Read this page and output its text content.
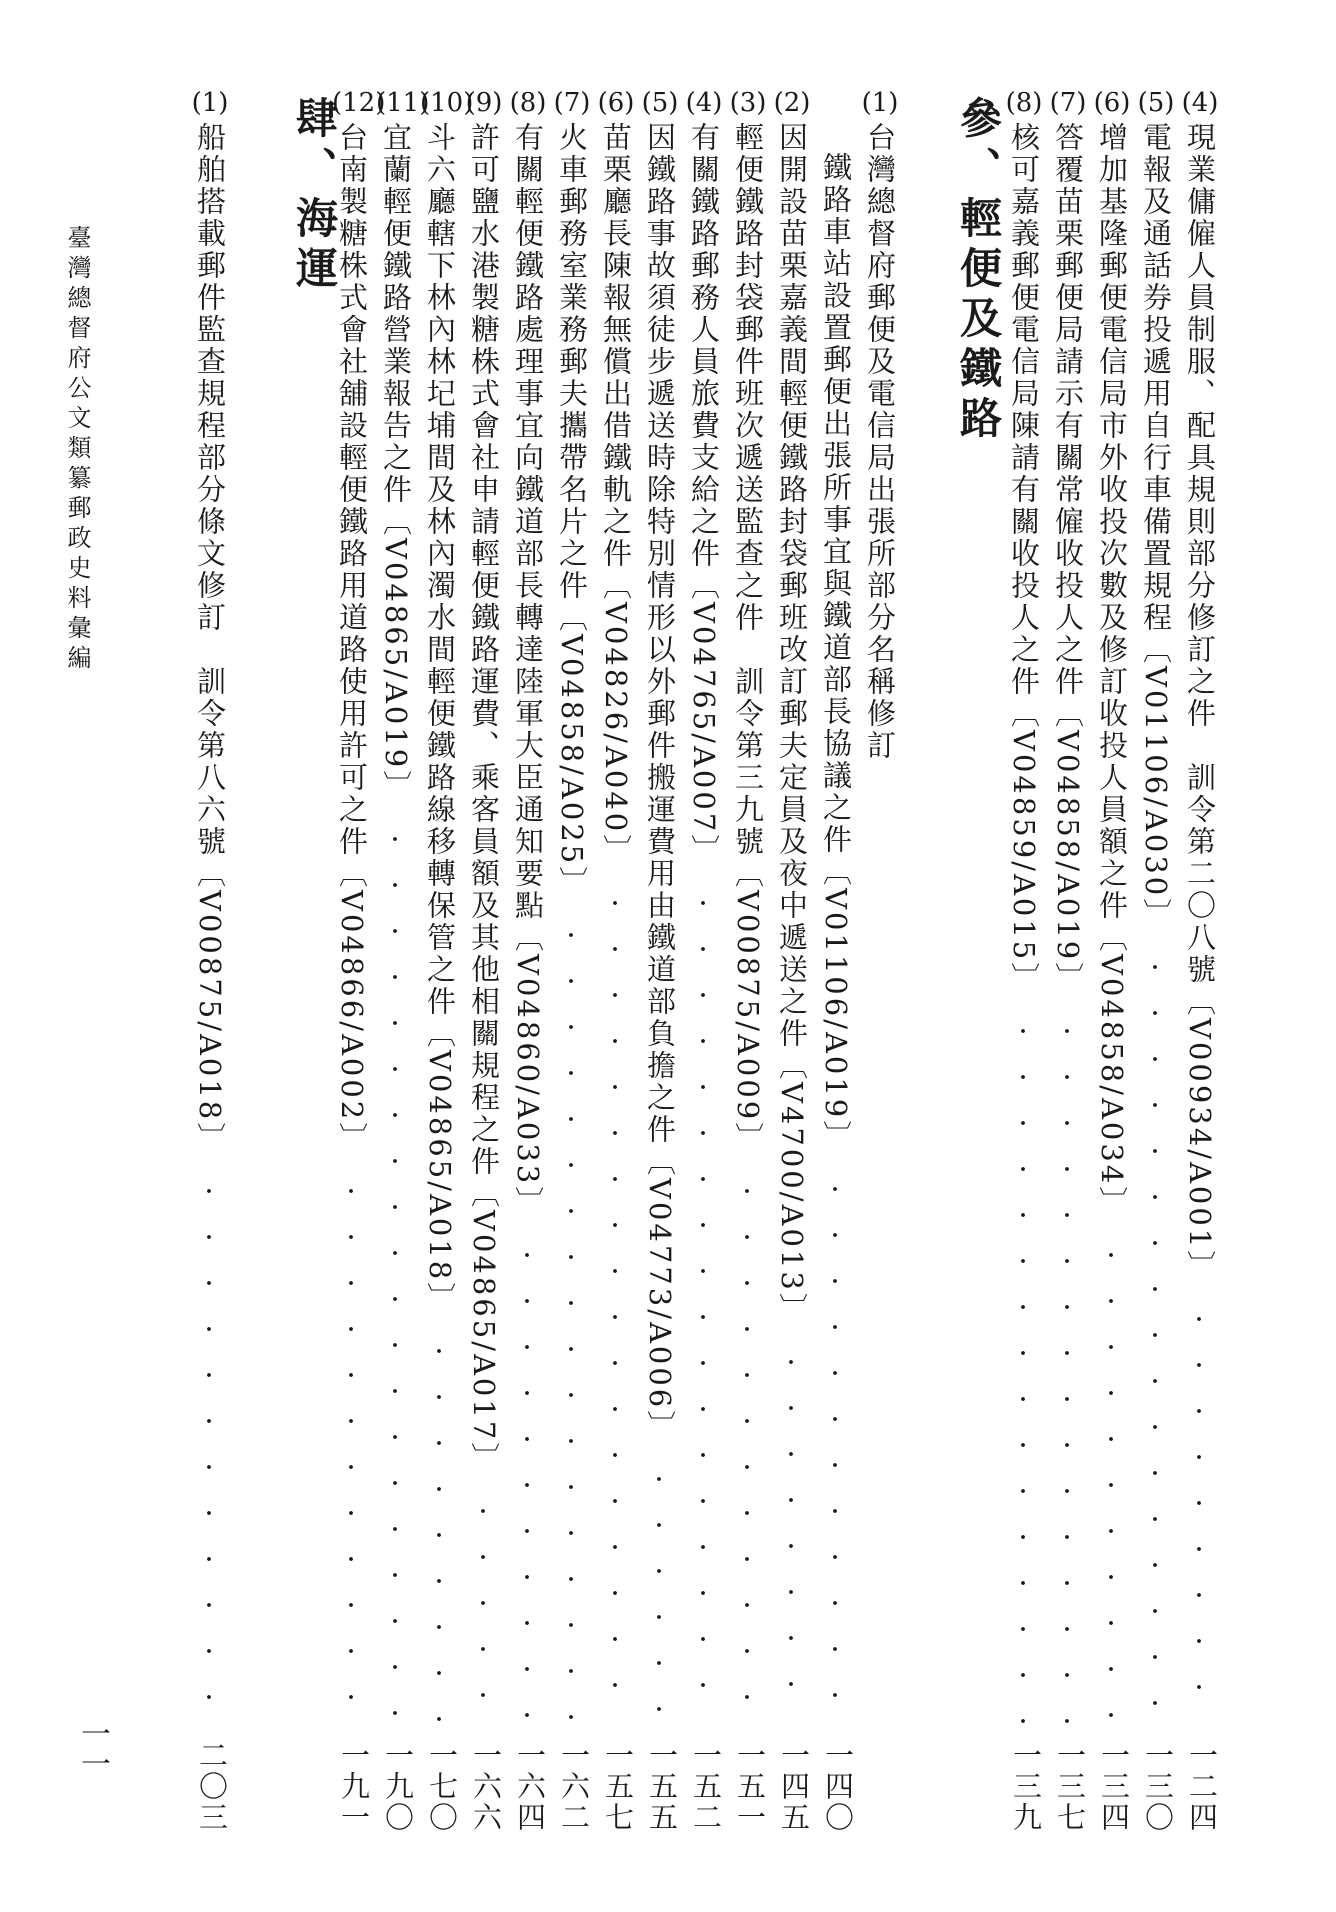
臺灣總督府公文類纂郵政史料彙編
一一
參、輕便及鐵路
肆、海運	(4)
現業傭僱人員制服、配具規則部分修訂之件　訓令第二〇八號〔V00934/A001〕
一二四
(5)
電報及通話券投遞用自行車備置規程〔V01106/A030〕
一三〇
(6)
增加基隆郵便電信局市外收投次數及修訂收投人員額之件〔V04858/A034〕
一三四
(7)
答覆苗栗郵便局請示有關常僱收投人之件〔V04858/A019〕
一三七
(8)
核可嘉義郵便電信局陳請有關收投人之件〔V04859/A015〕
一三九
(1)
台灣總督府郵便及電信局出張所部分名稱修訂
鐵路車站設置郵便出張所事宜與鐵道部長協議之件〔V01106/A019〕
一四〇
(2)
因開設苗栗嘉義間輕便鐵路封袋郵班改訂郵夫定員及夜中遞送之件〔V4700/A013〕
一四五
(3)
輕便鐵路封袋郵件班次遞送監查之件　訓令第三九號〔V00875/A009〕
一五一
(4)
有關鐵路郵務人員旅費支給之件〔V04765/A007〕
一五二
(5)
因鐵路事故須徒步遞送時除特別情形以外郵件搬運費用由鐵道部負擔之件〔V04773/A006〕
一五五
(6)
苗栗廳長陳報無償出借鐵軌之件〔V04826/A040〕
一五七
(7)
火車郵務室業務郵夫攜帶名片之件〔V04858/A025〕
一六二
(8)
有關輕便鐵路處理事宜向鐵道部長轉達陸軍大臣通知要點〔V04860/A033〕
一六四
(9)
許可鹽水港製糖株式會社申請輕便鐵路運費、乘客員額及其他相關規程之件〔V04865/A017〕
一六六
(10)
斗六廳轄下林內林圮埔間及林內濁水間輕便鐵路線移轉保管之件〔V04865/A018〕
一七〇
(11)
宜蘭輕便鐵路營業報告之件〔V04865/A019〕
一九〇
(12)
台南製糖株式會社舖設輕便鐵路用道路使用許可之件〔V04866/A002〕
一九一
(1)
船舶搭載郵件監查規程部分條文修訂　訓令第八六號〔V00875/A018〕
二〇三
